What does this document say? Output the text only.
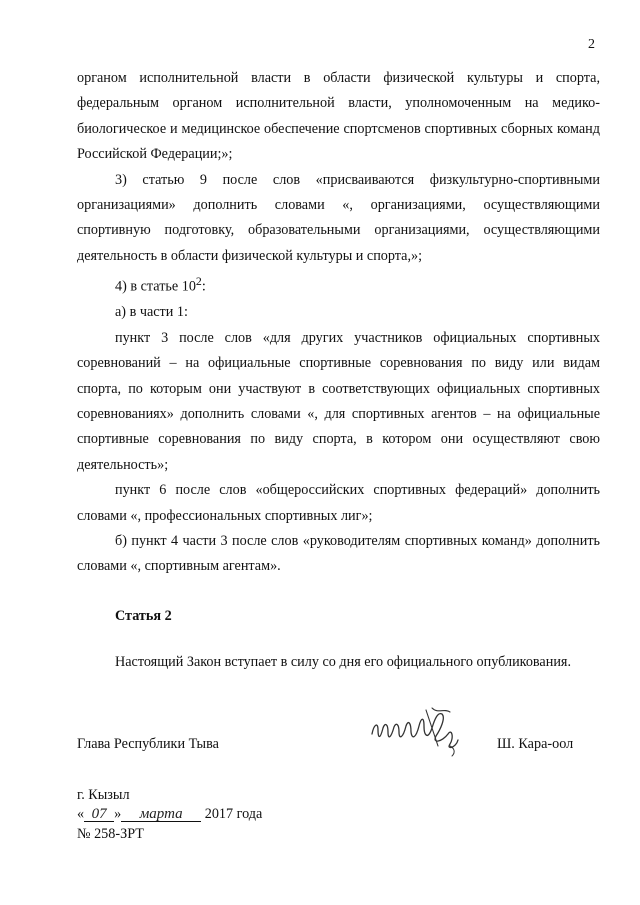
2

органом исполнительной власти в области физической культуры и спорта, федеральным органом исполнительной власти, уполномоченным на медико-биологическое и медицинское обеспечение спортсменов спортивных сборных команд Российской Федерации;»;

3) статью 9 после слов «присваиваются физкультурно-спортивными организациями» дополнить словами «, организациями, осуществляющими спортивную подготовку, образовательными организациями, осуществляющими деятельность в области физической культуры и спорта,»;

4) в статье $10^2$:

а) в части 1:

пункт 3 после слов «для других участников официальных спортивных соревнований – на официальные спортивные соревнования по виду или видам спорта, по которым они участвуют в соответствующих официальных спортивных соревнованиях» дополнить словами «, для спортивных агентов – на официальные спортивные соревнования по виду спорта, в котором они осуществляют свою деятельность»;

пункт 6 после слов «общероссийских спортивных федераций» дополнить словами «, профессиональных спортивных лиг»;

б) пункт 4 части 3 после слов «руководителям спортивных команд» дополнить словами «, спортивным агентам».

Статья 2

Настоящий Закон вступает в силу со дня его официального опубликования.

Глава Республики Тыва	Ш. Кара-оол
г. Кызыл
« 07 » марта 2017 года
№ 258-ЗРТ
